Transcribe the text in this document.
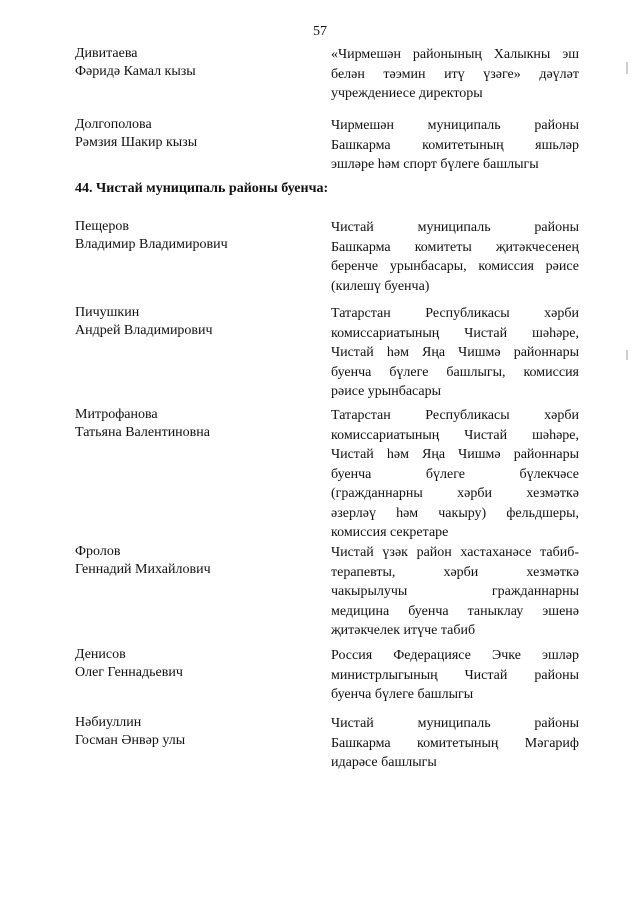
57
Дивитаева
Фәридә Камал кызы
«Чирмешән районының Халыкны эш
белән тәэмин итү үзәге» дәүләт
учреждениесе директоры
Долгополова
Рәмзия Шакир кызы
Чирмешән муниципаль районы
Башкарма комитетының яшьләр
эшләре һәм спорт бүлеге башлыгы
44. Чистай муниципаль районы буенча:
Пещеров
Владимир Владимирович
Чистай муниципаль районы
Башкарма комитеты җитәкчесенең
беренче урынбасары, комиссия рәисе
(килешү буенча)
Пичушкин
Андрей Владимирович
Татарстан Республикасы хәрби
комиссариатының Чистай шәһәре,
Чистай һәм Яңа Чишмә районнары
буенча бүлеге башлыгы, комиссия
рәисе урынбасары
Митрофанова
Татьяна Валентиновна
Татарстан Республикасы хәрби
комиссариатының Чистай шәһәре,
Чистай һәм Яңа Чишмә районнары
буенча бүлеге бүлекчәсе
(гражданнарны хәрби хезмәткә
әзерләү һәм чакыру) фельдшеры,
комиссия секретаре
Фролов
Геннадий Михайлович
Чистай үзәк район хастаханәсе табиб-
терапевты, хәрби хезмәткә
чакырылучы гражданнарны
медицина буенча таныклау эшенә
җитәкчелек итүче табиб
Денисов
Олег Геннадьевич
Россия Федерациясе Эчке эшләр
министрлыгының Чистай районы
буенча бүлеге башлыгы
Нәбиуллин
Госман Әнвәр улы
Чистай муниципаль районы
Башкарма комитетының Мәгариф
идарәсе башлыгы
